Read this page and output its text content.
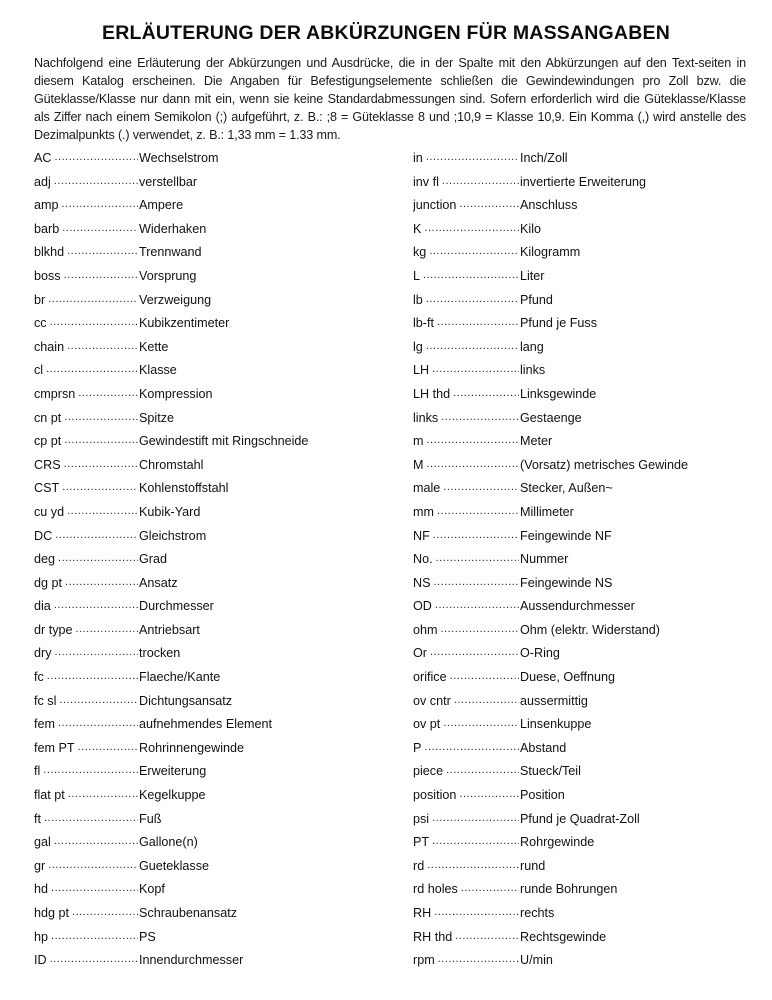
ERLÄUTERUNG DER ABKÜRZUNGEN FÜR MASSANGABEN

Nachfolgend eine Erläuterung der Abkürzungen und Ausdrücke, die in der Spalte mit den Abkürzungen auf den Text-seiten in diesem Katalog erscheinen. Die Angaben für Befestigungselemente schließen die Gewindewindungen pro Zoll bzw. die Güteklasse/Klasse nur dann mit ein, wenn sie keine Standardabmessungen sind. Sofern erforderlich wird die Güteklasse/Klasse als Ziffer nach einem Semikolon (;) aufgeführt, z. B.: ;8 = Güteklasse 8 und ;10,9 = Klasse 10,9. Ein Komma (,) wird anstelle des Dezimalpunkts (.) verwendet, z. B.: 1,33 mm = 1.33 mm.

AC .....	Wechselstrom
adj .....	verstellbar
amp .....	Ampere
barb .....	Widerhaken
blkhd .....	Trennwand
boss .....	Vorsprung
br .....	Verzweigung
cc .....	Kubikzentimeter
chain .....	Kette
cl .....	Klasse
cmprsn .....	Kompression
cn pt .....	Spitze
cp pt .....	Gewindestift mit Ringschneide
CRS .....	Chromstahl
CST .....	Kohlenstoffstahl
cu yd .....	Kubik-Yard
DC .....	Gleichstrom
deg .....	Grad
dg pt .....	Ansatz
dia .....	Durchmesser
dr type .....	Antriebsart
dry .....	trocken
fc .....	Flaeche/Kante
fc sl .....	Dichtungsansatz
fem .....	aufnehmendes Element
fem PT .....	Rohrinnengewinde
fl .....	Erweiterung
flat pt .....	Kegelkuppe
ft .....	Fuß
gal .....	Gallone(n)
gr .....	Gueteklasse
hd .....	Kopf
hdg pt .....	Schraubenansatz
hp .....	PS
ID .....	Innendurchmesser
in .....	Inch/Zoll
inv fl .....	invertierte Erweiterung
junction .....	Anschluss
K .....	Kilo
kg .....	Kilogramm
L .....	Liter
lb .....	Pfund
lb-ft .....	Pfund je Fuss
lg .....	lang
LH .....	links
LH thd .....	Linksgewinde
links .....	Gestaenge
m .....	Meter
M .....	(Vorsatz) metrisches Gewinde
male .....	Stecker, Außen~
mm .....	Millimeter
NF .....	Feingewinde NF
No. .....	Nummer
NS .....	Feingewinde NS
OD .....	Aussendurchmesser
ohm .....	Ohm (elektr. Widerstand)
Or .....	O-Ring
orifice .....	Duese, Oeffnung
ov cntr .....	aussermittig
ov pt .....	Linsenkuppe
P .....	Abstand
piece .....	Stueck/Teil
position .....	Position
psi .....	Pfund je Quadrat-Zoll
PT .....	Rohrgewinde
rd .....	rund
rd holes .....	runde Bohrungen
RH .....	rechts
RH thd .....	Rechtsgewinde
rpm .....	U/min
